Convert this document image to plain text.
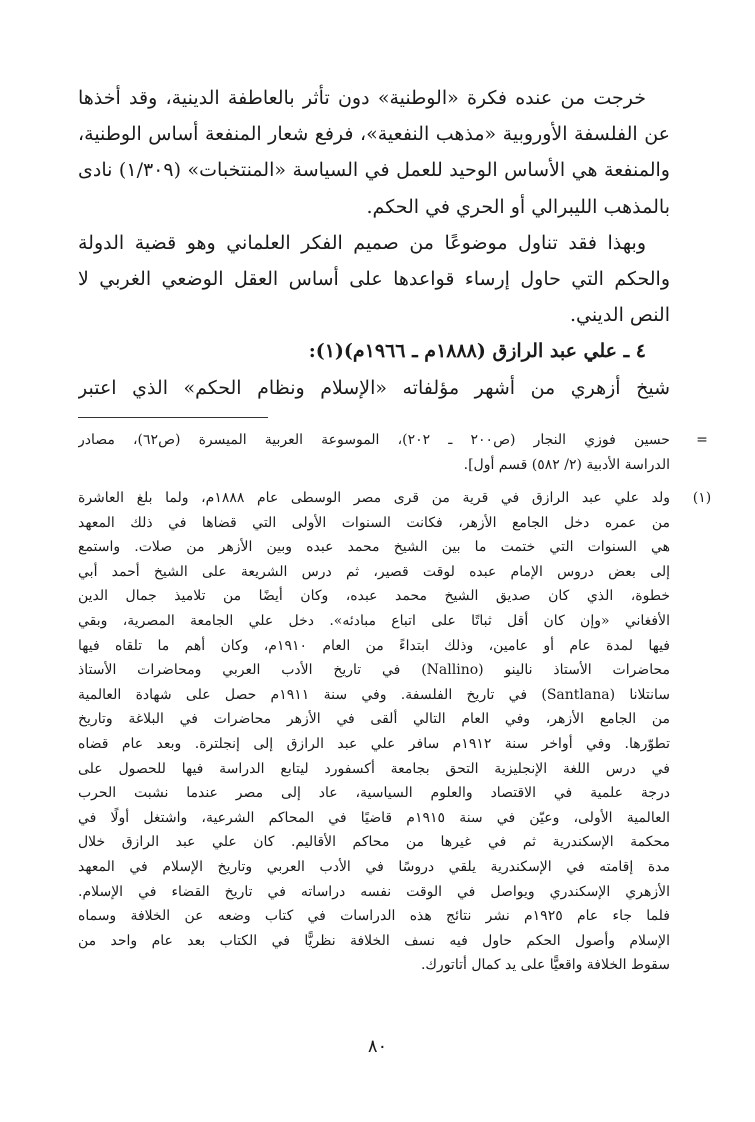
خرجت من عنده فكرة «الوطنية» دون تأثر بالعاطفة الدينية، وقد أخذها
عن الفلسفة الأوروبية «مذهب النفعية»، فرفع شعار المنفعة أساس الوطنية،
والمنفعة هي الأساس الوحيد للعمل في السياسة «المنتخبات» (١/٣٠٩) نادى
بالمذهب الليبرالي أو الحري في الحكم.
وبهذا فقد تناول موضوعًا من صميم الفكر العلماني وهو قضية الدولة
والحكم التي حاول إرساء قواعدها على أساس العقل الوضعي الغربي لا
النص الديني.
٤ ـ علي عبد الرازق (١٨٨٨م ـ ١٩٦٦م)(١):
شيخ أزهري من أشهر مؤلفاته «الإسلام ونظام الحكم» الذي اعتبر
=
حسين فوزي النجار (ص٢٠٠ ـ ٢٠٢)، الموسوعة العربية الميسرة (ص٦٢)، مصادر
الدراسة الأدبية (٢/ ٥٨٢) قسم أول].
(١)
ولد علي عبد الرازق في قرية من قرى مصر الوسطى عام ١٨٨٨م، ولما بلغ العاشرة
من عمره دخل الجامع الأزهر، فكانت السنوات الأولى التي قضاها في ذلك المعهد
هي السنوات التي ختمت ما بين الشيخ محمد عبده وبين الأزهر من صلات. واستمع
إلى بعض دروس الإمام عبده لوقت قصير، ثم درس الشريعة على الشيخ أحمد أبي
خطوة، الذي كان صديق الشيخ محمد عبده، وكان أيضًا من تلاميذ جمال الدين
الأفغاني «وإن كان أقل ثباتًا على اتباع مبادئه». دخل علي الجامعة المصرية، وبقي
فيها لمدة عام أو عامين، وذلك ابتداءً من العام ١٩١٠م، وكان أهم ما تلقاه فيها
محاضرات الأستاذ نالينو (Nallino) في تاريخ الأدب العربي ومحاضرات الأستاذ
سانتلانا (Santlana) في تاريخ الفلسفة. وفي سنة ١٩١١م حصل على شهادة العالمية
من الجامع الأزهر، وفي العام التالي ألقى في الأزهر محاضرات في البلاغة وتاريخ
تطوّرها. وفي أواخر سنة ١٩١٢م سافر علي عبد الرازق إلى إنجلترة. وبعد عام قضاه
في درس اللغة الإنجليزية التحق بجامعة أكسفورد ليتابع الدراسة فيها للحصول على
درجة علمية في الاقتصاد والعلوم السياسية، عاد إلى مصر عندما نشبت الحرب
العالمية الأولى، وعيّن في سنة ١٩١٥م قاضيًا في المحاكم الشرعية، واشتغل أولًا في
محكمة الإسكندرية ثم في غيرها من محاكم الأقاليم. كان علي عبد الرازق خلال
مدة إقامته في الإسكندرية يلقي دروسًا في الأدب العربي وتاريخ الإسلام في المعهد
الأزهري الإسكندري ويواصل في الوقت نفسه دراساته في تاريخ القضاء في الإسلام.
فلما جاء عام ١٩٢٥م نشر نتائج هذه الدراسات في كتاب وضعه عن الخلافة وسماه
الإسلام وأصول الحكم حاول فيه نسف الخلافة نظريًّا في الكتاب بعد عام واحد من
سقوط الخلافة واقعيًّا على يد كمال أتاتورك.
٨٠
